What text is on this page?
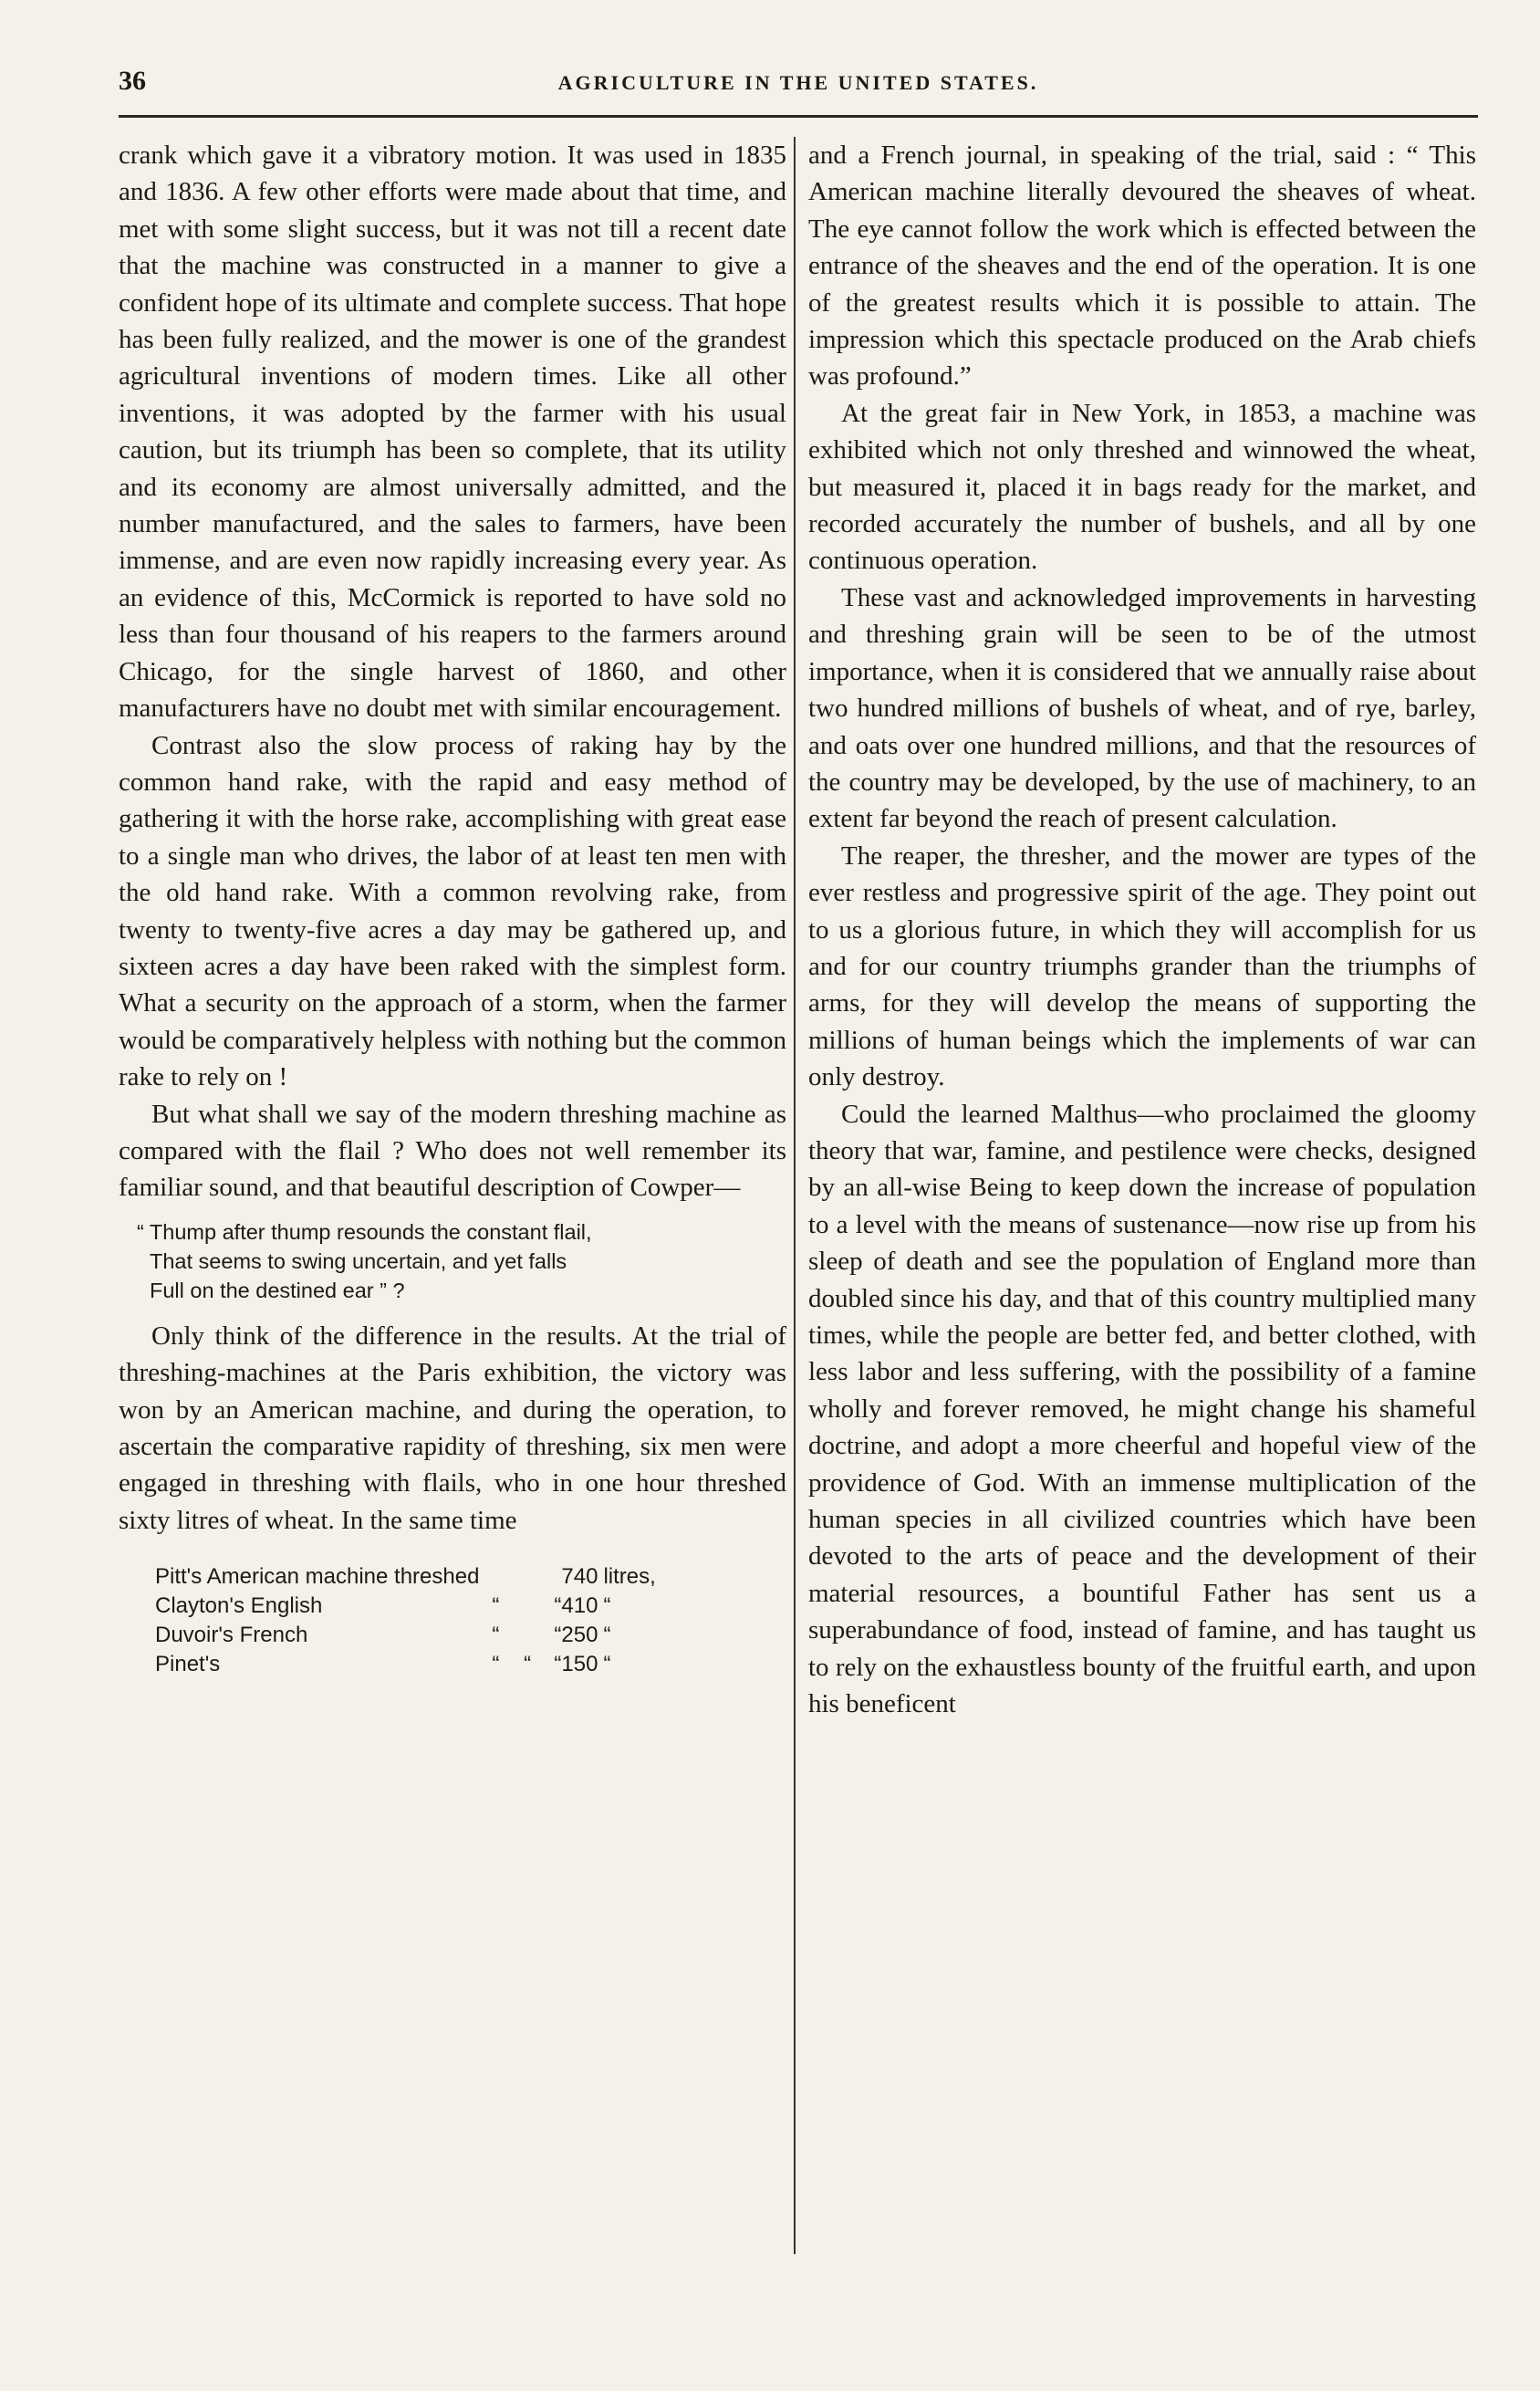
36	AGRICULTURE IN THE UNITED STATES.

crank which gave it a vibratory motion. It was used in 1835 and 1836. A few other efforts were made about that time, and met with some slight success, but it was not till a recent date that the machine was constructed in a manner to give a confident hope of its ultimate and complete success. That hope has been fully realized, and the mower is one of the grandest agricultural inventions of modern times. Like all other inventions, it was adopted by the farmer with his usual caution, but its triumph has been so complete, that its utility and its economy are almost universally admitted, and the number manufactured, and the sales to farmers, have been immense, and are even now rapidly increasing every year. As an evidence of this, McCormick is reported to have sold no less than four thousand of his reapers to the farmers around Chicago, for the single harvest of 1860, and other manufacturers have no doubt met with similar encouragement.

Contrast also the slow process of raking hay by the common hand rake, with the rapid and easy method of gathering it with the horse rake, accomplishing with great ease to a single man who drives, the labor of at least ten men with the old hand rake. With a common revolving rake, from twenty to twenty-five acres a day may be gathered up, and sixteen acres a day have been raked with the simplest form. What a security on the approach of a storm, when the farmer would be comparatively helpless with nothing but the common rake to rely on !

But what shall we say of the modern threshing machine as compared with the flail ? Who does not well remember its familiar sound, and that beautiful description of Cowper—

“ Thump after thump resounds the constant flail,
That seems to swing uncertain, and yet falls
Full on the destined ear ” ?

Only think of the difference in the results. At the trial of threshing-machines at the Paris exhibition, the victory was won by an American machine, and during the operation, to ascertain the comparative rapidity of threshing, six men were engaged in threshing with flails, who in one hour threshed sixty litres of wheat. In the same time

Pitt's American machine threshed			740	litres,
Clayton's English	“	“	410	“
Duvoir's French	“	“	250	“
Pinet's	“    “	“	150	“

and a French journal, in speaking of the trial, said : “ This American machine literally devoured the sheaves of wheat. The eye cannot follow the work which is effected between the entrance of the sheaves and the end of the operation. It is one of the greatest results which it is possible to attain. The impression which this spectacle produced on the Arab chiefs was profound.”

At the great fair in New York, in 1853, a machine was exhibited which not only threshed and winnowed the wheat, but measured it, placed it in bags ready for the market, and recorded accurately the number of bushels, and all by one continuous operation.

These vast and acknowledged improvements in harvesting and threshing grain will be seen to be of the utmost importance, when it is considered that we annually raise about two hundred millions of bushels of wheat, and of rye, barley, and oats over one hundred millions, and that the resources of the country may be developed, by the use of machinery, to an extent far beyond the reach of present calculation.

The reaper, the thresher, and the mower are types of the ever restless and progressive spirit of the age. They point out to us a glorious future, in which they will accomplish for us and for our country triumphs grander than the triumphs of arms, for they will develop the means of supporting the millions of human beings which the implements of war can only destroy.

Could the learned Malthus—who proclaimed the gloomy theory that war, famine, and pestilence were checks, designed by an all-wise Being to keep down the increase of population to a level with the means of sustenance—now rise up from his sleep of death and see the population of England more than doubled since his day, and that of this country multiplied many times, while the people are better fed, and better clothed, with less labor and less suffering, with the possibility of a famine wholly and forever removed, he might change his shameful doctrine, and adopt a more cheerful and hopeful view of the providence of God. With an immense multiplication of the human species in all civilized countries which have been devoted to the arts of peace and the development of their material resources, a bountiful Father has sent us a superabundance of food, instead of famine, and has taught us to rely on the exhaustless bounty of the fruitful earth, and upon his beneficent
